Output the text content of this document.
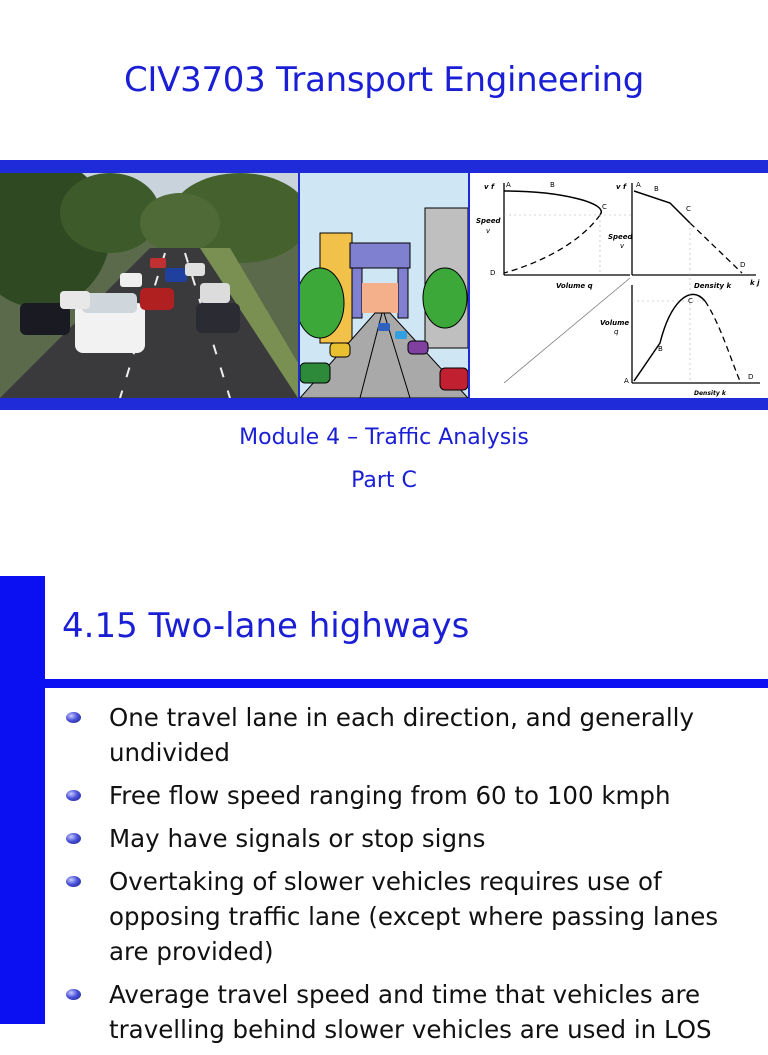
CIV3703 Transport Engineering
v f A	B
C
D
Speed
v
Volume q
v f A B
C
D
Speed
v
Density k	k j
Volume
q
C
B
A	D
Density k
Module 4 – Traffic Analysis
Part C
4.15 Two-lane highways
One travel lane in each direction, and generally undivided
Free flow speed ranging from 60 to 100 kmph
May have signals or stop signs
Overtaking of slower vehicles requires use of opposing traffic lane (except where passing lanes are provided)
Average travel speed and time that vehicles are travelling behind slower vehicles are used in LOS
